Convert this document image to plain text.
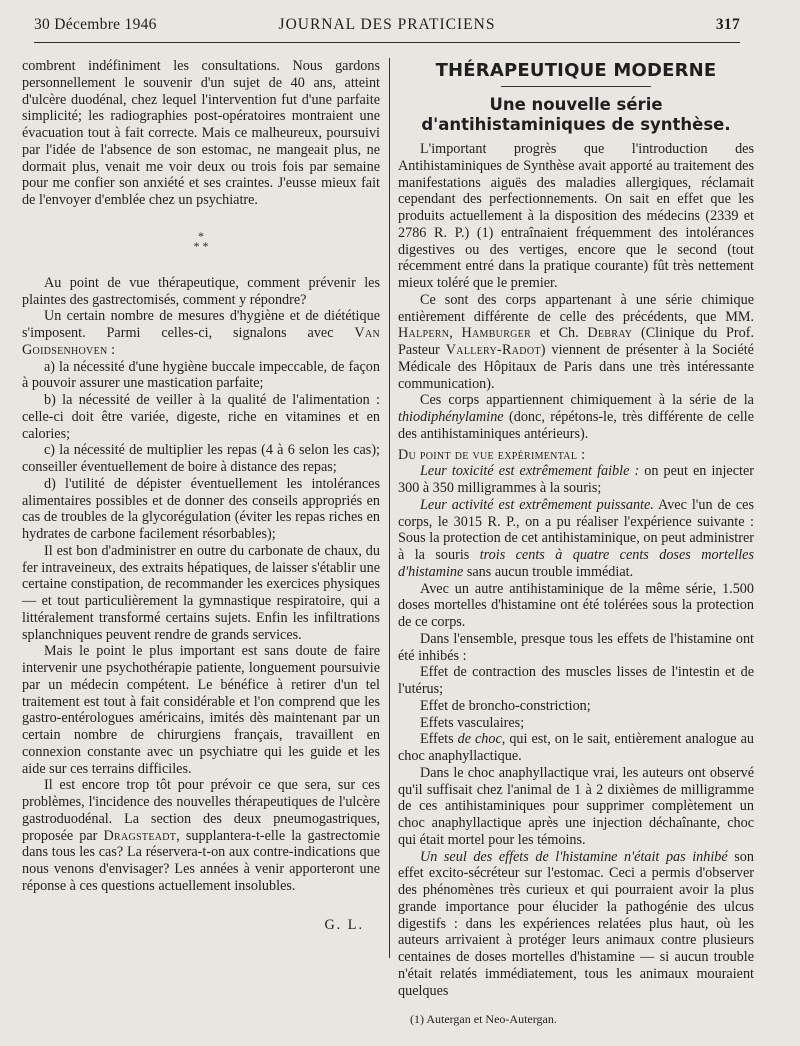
30 Décembre 1946	JOURNAL DES PRATICIENS	317

combrent indéfiniment les consultations. Nous gardons personnellement le souvenir d'un sujet de 40 ans, atteint d'ulcère duodénal, chez lequel l'intervention fut d'une parfaite simplicité; les radiographies post-opératoires montraient une évacuation tout à fait correcte. Mais ce malheureux, poursuivi par l'idée de l'absence de son estomac, ne mangeait plus, ne dormait plus, venait me voir deux ou trois fois par semaine pour me confier son anxiété et ses craintes. J'eusse mieux fait de l'envoyer d'emblée chez un psychiatre.

*
* *

Au point de vue thérapeutique, comment prévenir les plaintes des gastrectomisés, comment y répondre?

Un certain nombre de mesures d'hygiène et de diététique s'imposent. Parmi celles-ci, signalons avec Van Goidsenhoven :

a) la nécessité d'une hygiène buccale impeccable, de façon à pouvoir assurer une mastication parfaite;

b) la nécessité de veiller à la qualité de l'alimentation : celle-ci doit être variée, digeste, riche en vitamines et en calories;

c) la nécessité de multiplier les repas (4 à 6 selon les cas); conseiller éventuellement de boire à distance des repas;

d) l'utilité de dépister éventuellement les intolérances alimentaires possibles et de donner des conseils appropriés en cas de troubles de la glycorégulation (éviter les repas riches en hydrates de carbone facilement résorbables);

Il est bon d'administrer en outre du carbonate de chaux, du fer intraveineux, des extraits hépatiques, de laisser s'établir une certaine constipation, de recommander les exercices physiques — et tout particulièrement la gymnastique respiratoire, qui a littéralement transformé certains sujets. Enfin les infiltrations splanchniques peuvent rendre de grands services.

Mais le point le plus important est sans doute de faire intervenir une psychothérapie patiente, longuement poursuivie par un médecin compétent. Le bénéfice à retirer d'un tel traitement est tout à fait considérable et l'on comprend que les gastro-entérologues américains, imités dès maintenant par un certain nombre de chirurgiens français, travaillent en connexion constante avec un psychiatre qui les guide et les aide sur ces terrains difficiles.

Il est encore trop tôt pour prévoir ce que sera, sur ces problèmes, l'incidence des nouvelles thérapeutiques de l'ulcère gastroduodénal. La section des deux pneumogastriques, proposée par Dragsteadt, supplantera-t-elle la gastrectomie dans tous les cas? La réservera-t-on aux contre-indications que nous venons d'envisager? Les années à venir apporteront une réponse à ces questions actuellement insolubles.

G. L.
THÉRAPEUTIQUE MODERNE
Une nouvelle série d'antihistaminiques de synthèse.

L'important progrès que l'introduction des Antihistaminiques de Synthèse avait apporté au traitement des manifestations aiguës des maladies allergiques, réclamait cependant des perfectionnements. On sait en effet que les produits actuellement à la disposition des médecins (2339 et 2786 R. P.) (1) entraînaient fréquemment des intolérances digestives ou des vertiges, encore que le second (tout récemment entré dans la pratique courante) fût très nettement mieux toléré que le premier.

Ce sont des corps appartenant à une série chimique entièrement différente de celle des précédents, que MM. Halpern, Hamburger et Ch. Debray (Clinique du Prof. Pasteur Vallery-Radot) viennent de présenter à la Société Médicale des Hôpitaux de Paris dans une très intéressante communication).

Ces corps appartiennent chimiquement à la série de la thiodiphénylamine (donc, répétons-le, très différente de celle des antihistaminiques antérieurs).

Du point de vue expérimental :

Leur toxicité est extrêmement faible : on peut en injecter 300 à 350 milligrammes à la souris;

Leur activité est extrêmement puissante. Avec l'un de ces corps, le 3015 R. P., on a pu réaliser l'expérience suivante : Sous la protection de cet antihistaminique, on peut administrer à la souris trois cents à quatre cents doses mortelles d'histamine sans aucun trouble immédiat.

Avec un autre antihistaminique de la même série, 1.500 doses mortelles d'histamine ont été tolérées sous la protection de ce corps.

Dans l'ensemble, presque tous les effets de l'histamine ont été inhibés :

Effet de contraction des muscles lisses de l'intestin et de l'utérus;

Effet de broncho-constriction;

Effets vasculaires;

Effets de choc, qui est, on le sait, entièrement analogue au choc anaphyllactique.

Dans le choc anaphyllactique vrai, les auteurs ont observé qu'il suffisait chez l'animal de 1 à 2 dixièmes de milligramme de ces antihistaminiques pour supprimer complètement un choc anaphyllactique après une injection déchaînante, choc qui était mortel pour les témoins.

Un seul des effets de l'histamine n'était pas inhibé son effet excito-sécréteur sur l'estomac. Ceci a permis d'observer des phénomènes très curieux et qui pourraient avoir la plus grande importance pour élucider la pathogénie des ulcus digestifs : dans les expériences relatées plus haut, où les auteurs arrivaient à protéger leurs animaux contre plusieurs centaines de doses mortelles d'histamine — si aucun trouble n'était relatés immédiatement, tous les animaux mouraient quelques

(1) Autergan et Neo-Autergan.
